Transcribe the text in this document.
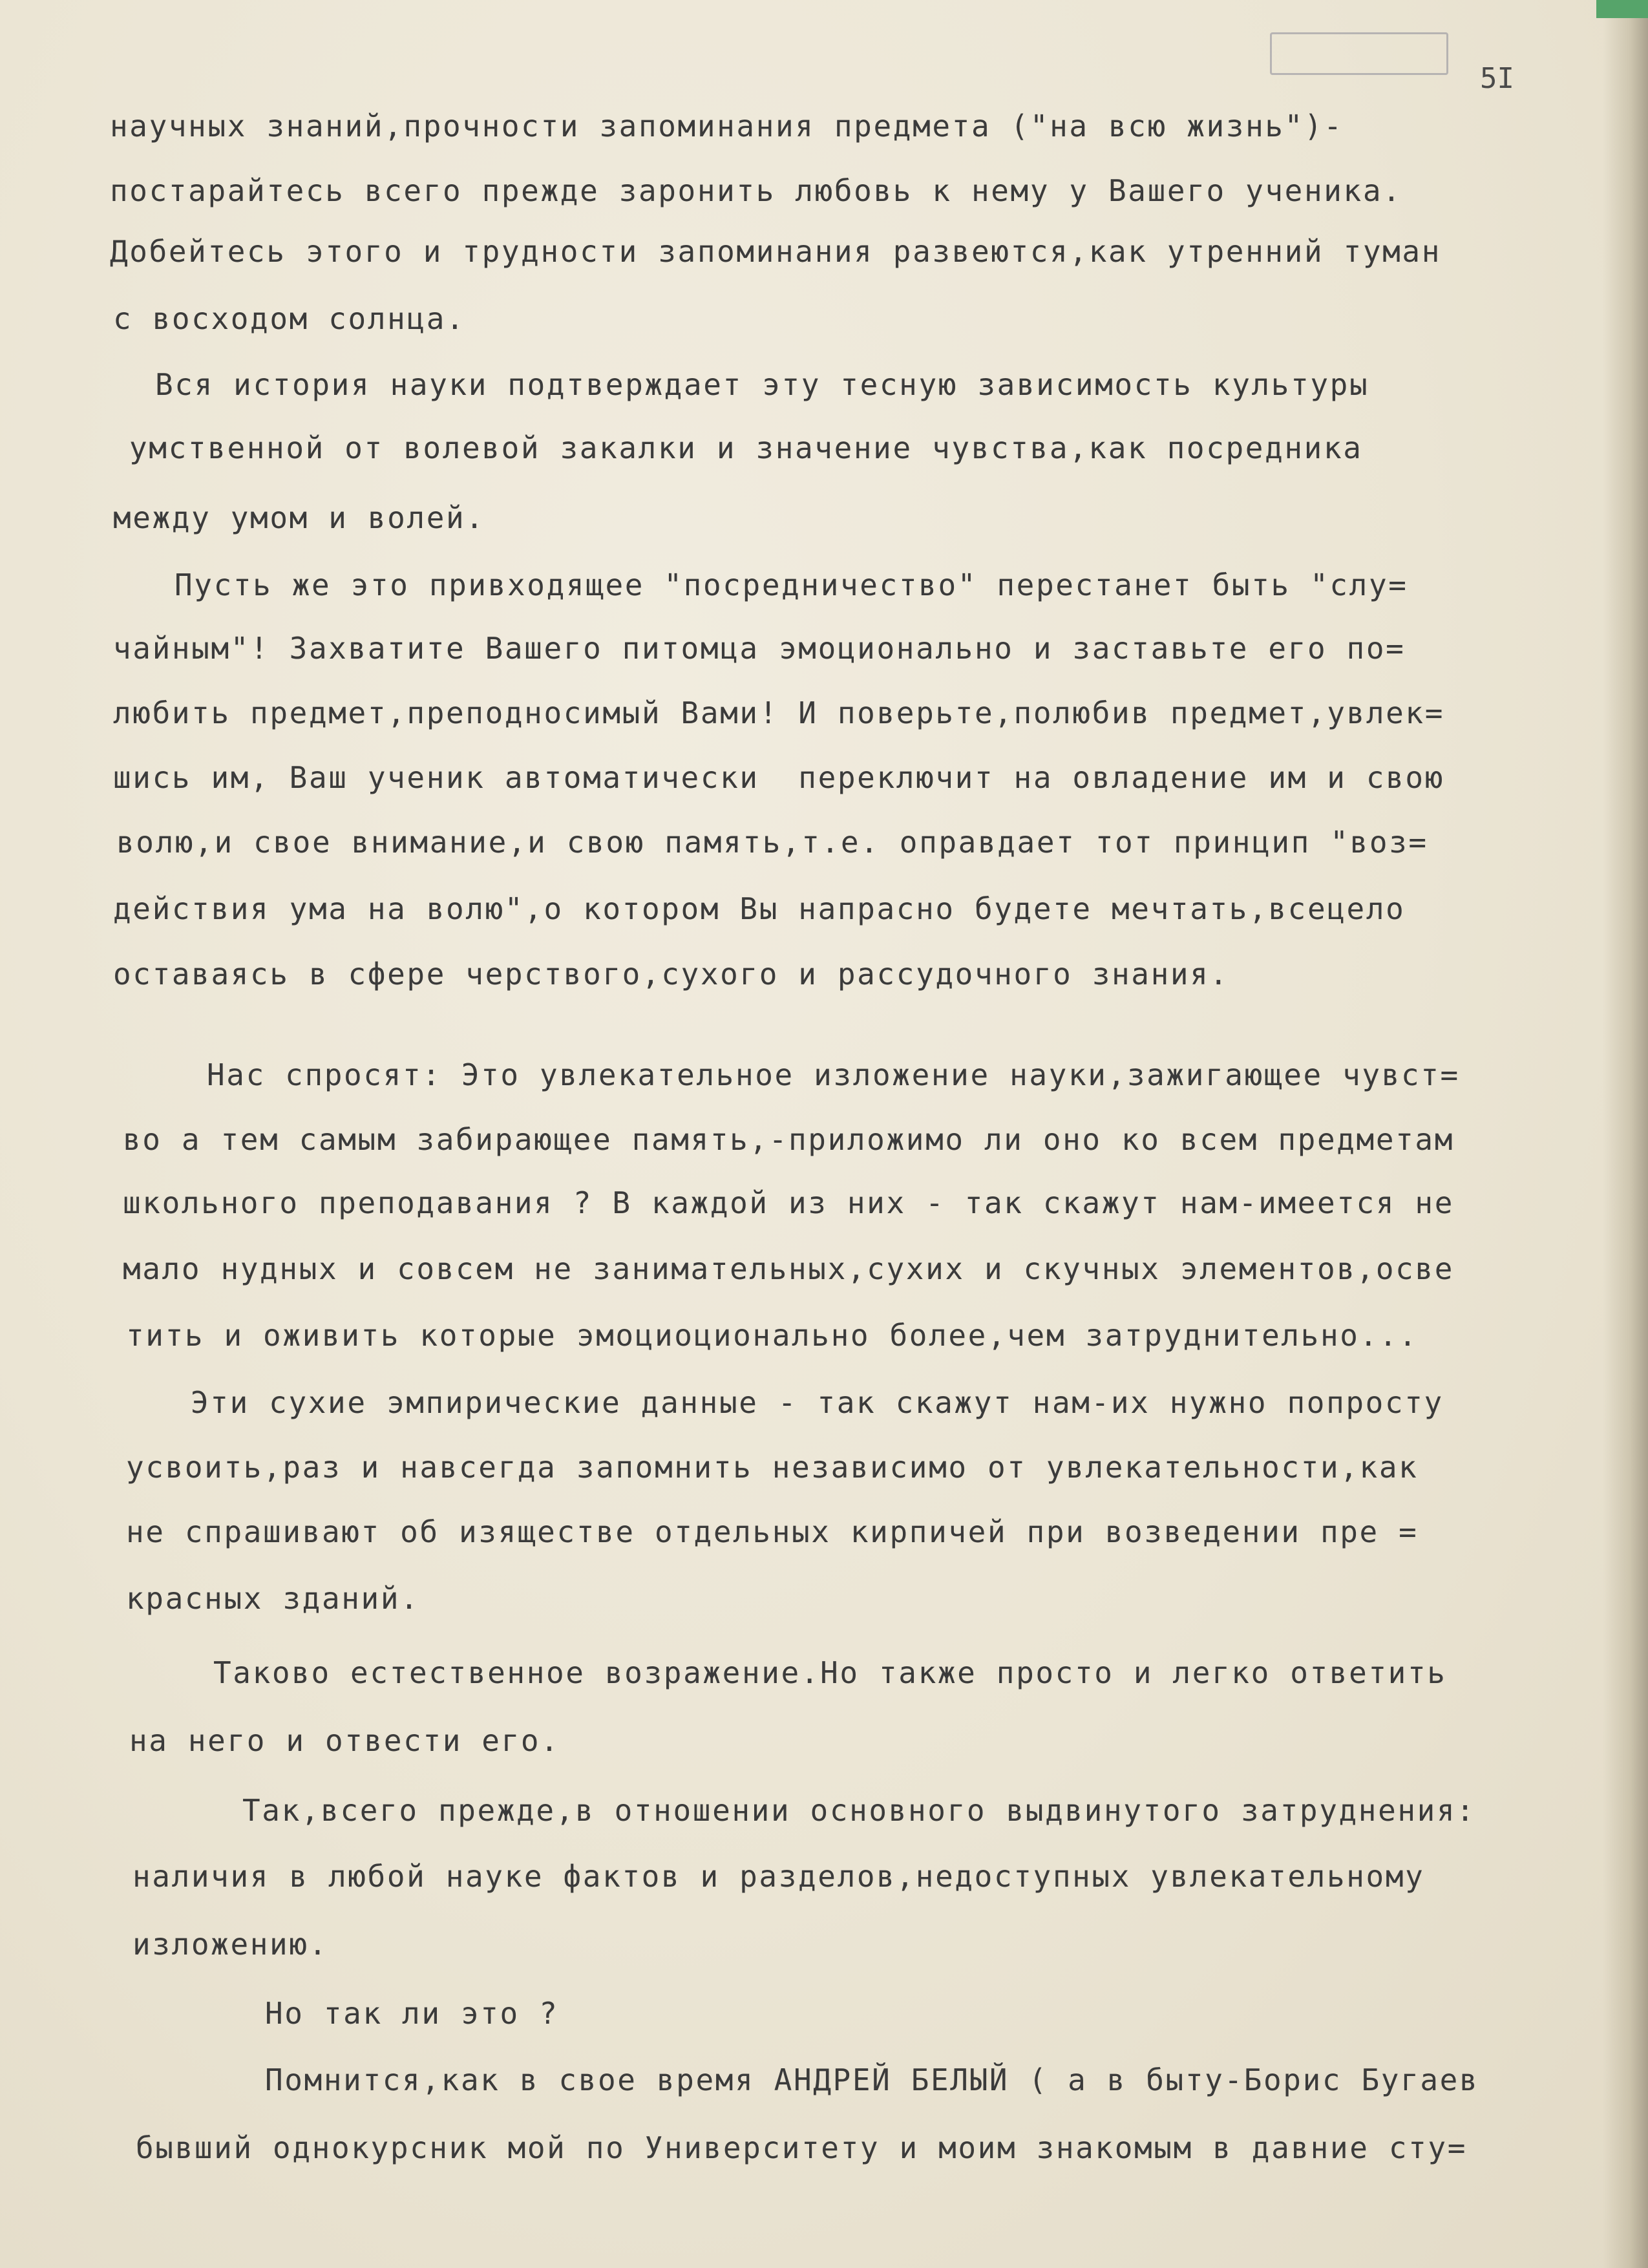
5I
научных знаний,прочности запоминания предмета ("на всю жизнь")-
постарайтесь всего прежде заронить любовь к нему у Вашего ученика.
Добейтесь этого и трудности запоминания развеются,как утренний туман
с восходом солнца.
Вся история науки подтверждает эту тесную зависимость культуры
умственной от волевой закалки и значение чувства,как посредника
между умом и волей.
Пусть же это привходящее "посредничество" перестанет быть "слу=
чайным"! Захватите Вашего питомца эмоционально и заставьте его по=
любить предмет,преподносимый Вами! И поверьте,полюбив предмет,увлек=
шись им, Ваш ученик автоматически  переключит на овладение им и свою
волю,и свое внимание,и свою память,т.е. оправдает тот принцип "воз=
действия ума на волю",о котором Вы напрасно будете мечтать,всецело
оставаясь в сфере черствого,сухого и рассудочного знания.
Нас спросят: Это увлекательное изложение науки,зажигающее чувст=
во а тем самым забирающее память,-приложимо ли оно ко всем предметам
школьного преподавания ? В каждой из них - так скажут нам-имеется не
мало нудных и совсем не занимательных,сухих и скучных элементов,осве
тить и оживить которые эмоциоционально более,чем затруднительно...
Эти сухие эмпирические данные - так скажут нам-их нужно попросту
усвоить,раз и навсегда запомнить независимо от увлекательности,как
не спрашивают об изяществе отдельных кирпичей при возведении пре =
красных зданий.
Таково естественное возражение.Но также просто и легко ответить
на него и отвести его.
Так,всего прежде,в отношении основного выдвинутого затруднения:
наличия в любой науке фактов и разделов,недоступных увлекательному
изложению.
Но так ли это ?
Помнится,как в свое время АНДРЕЙ БЕЛЫЙ ( а в быту-Борис Бугаев
бывший однокурсник мой по Университету и моим знакомым в давние сту=
